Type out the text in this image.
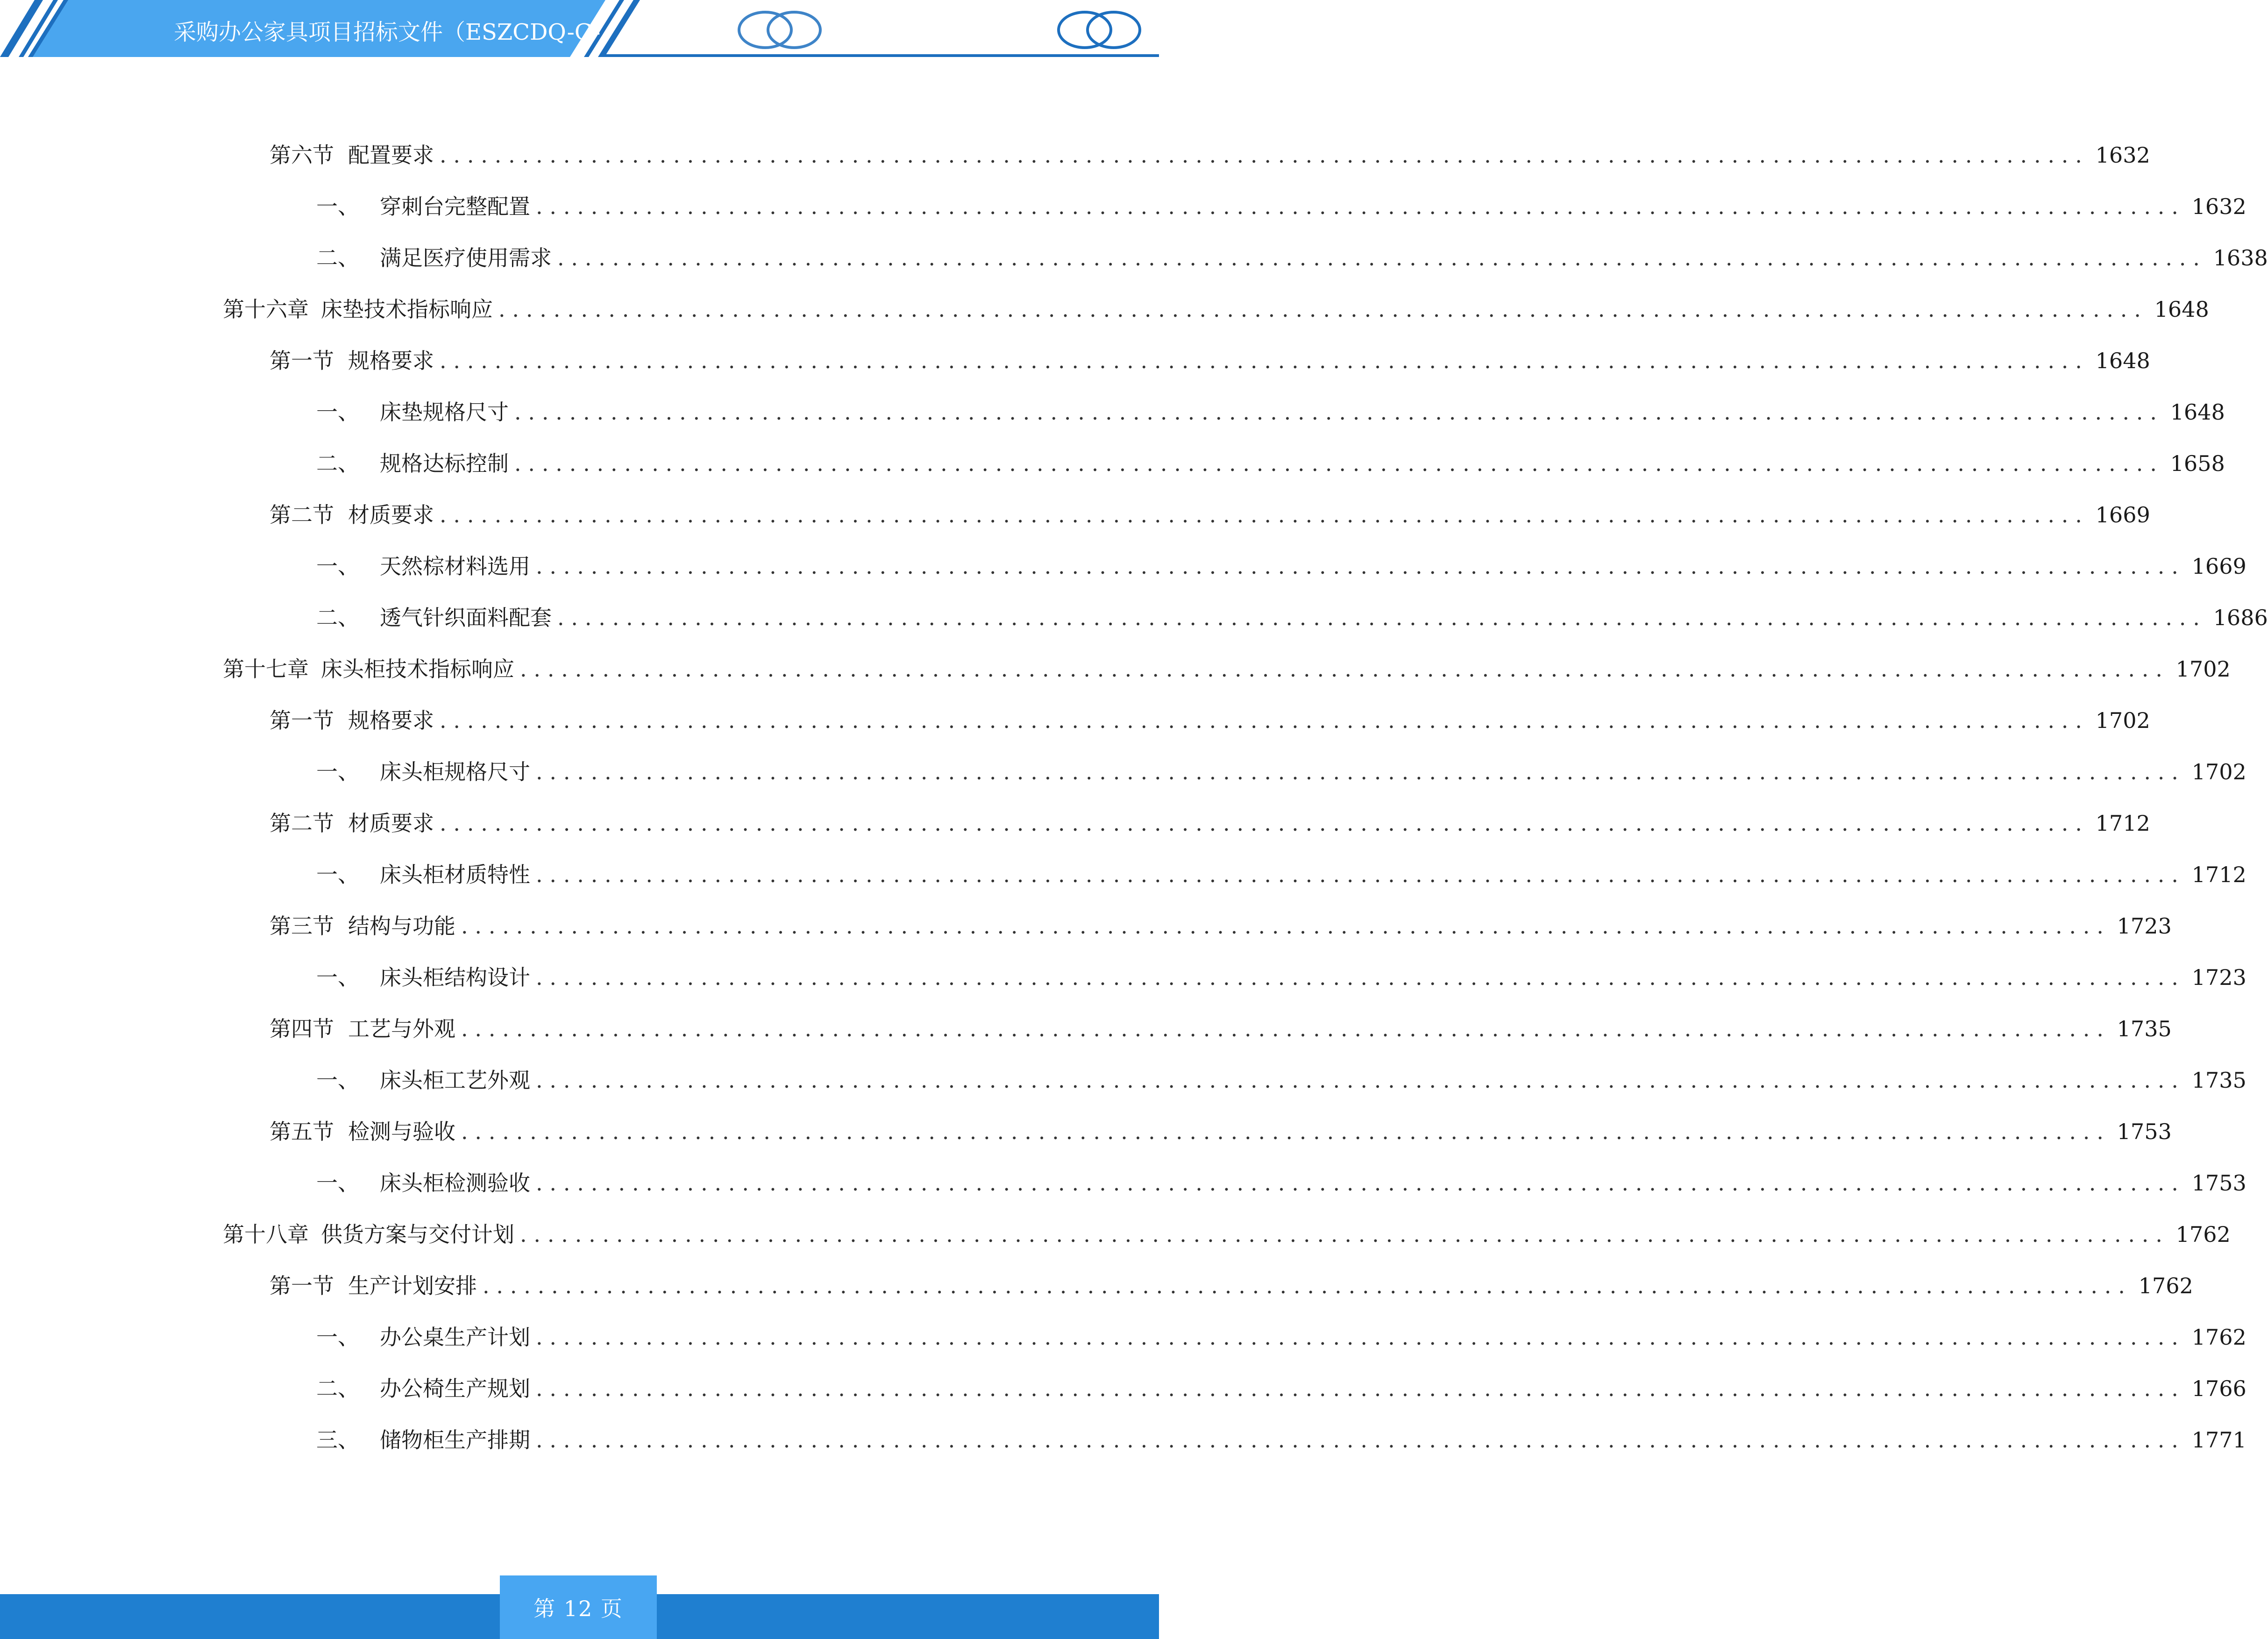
采购办公家具项目招标文件（ESZCDQ-G-
第六节 配置要求 ........................................................................................................................ 1632
一、 穿刺台完整配置 ........................................................................................................................ 1632
二、 满足医疗使用需求 ........................................................................................................................ 1638
第十六章 床垫技术指标响应 ........................................................................................................................ 1648
第一节 规格要求 ........................................................................................................................ 1648
一、 床垫规格尺寸 ........................................................................................................................ 1648
二、 规格达标控制 ........................................................................................................................ 1658
第二节 材质要求 ........................................................................................................................ 1669
一、 天然棕材料选用 ........................................................................................................................ 1669
二、 透气针织面料配套 ........................................................................................................................ 1686
第十七章 床头柜技术指标响应 ........................................................................................................................ 1702
第一节 规格要求 ........................................................................................................................ 1702
一、 床头柜规格尺寸 ........................................................................................................................ 1702
第二节 材质要求 ........................................................................................................................ 1712
一、 床头柜材质特性 ........................................................................................................................ 1712
第三节 结构与功能 ........................................................................................................................ 1723
一、 床头柜结构设计 ........................................................................................................................ 1723
第四节 工艺与外观 ........................................................................................................................ 1735
一、 床头柜工艺外观 ........................................................................................................................ 1735
第五节 检测与验收 ........................................................................................................................ 1753
一、 床头柜检测验收 ........................................................................................................................ 1753
第十八章 供货方案与交付计划 ........................................................................................................................ 1762
第一节 生产计划安排 ........................................................................................................................ 1762
一、 办公桌生产计划 ........................................................................................................................ 1762
二、 办公椅生产规划 ........................................................................................................................ 1766
三、 储物柜生产排期 ........................................................................................................................ 1771
第 12 页
